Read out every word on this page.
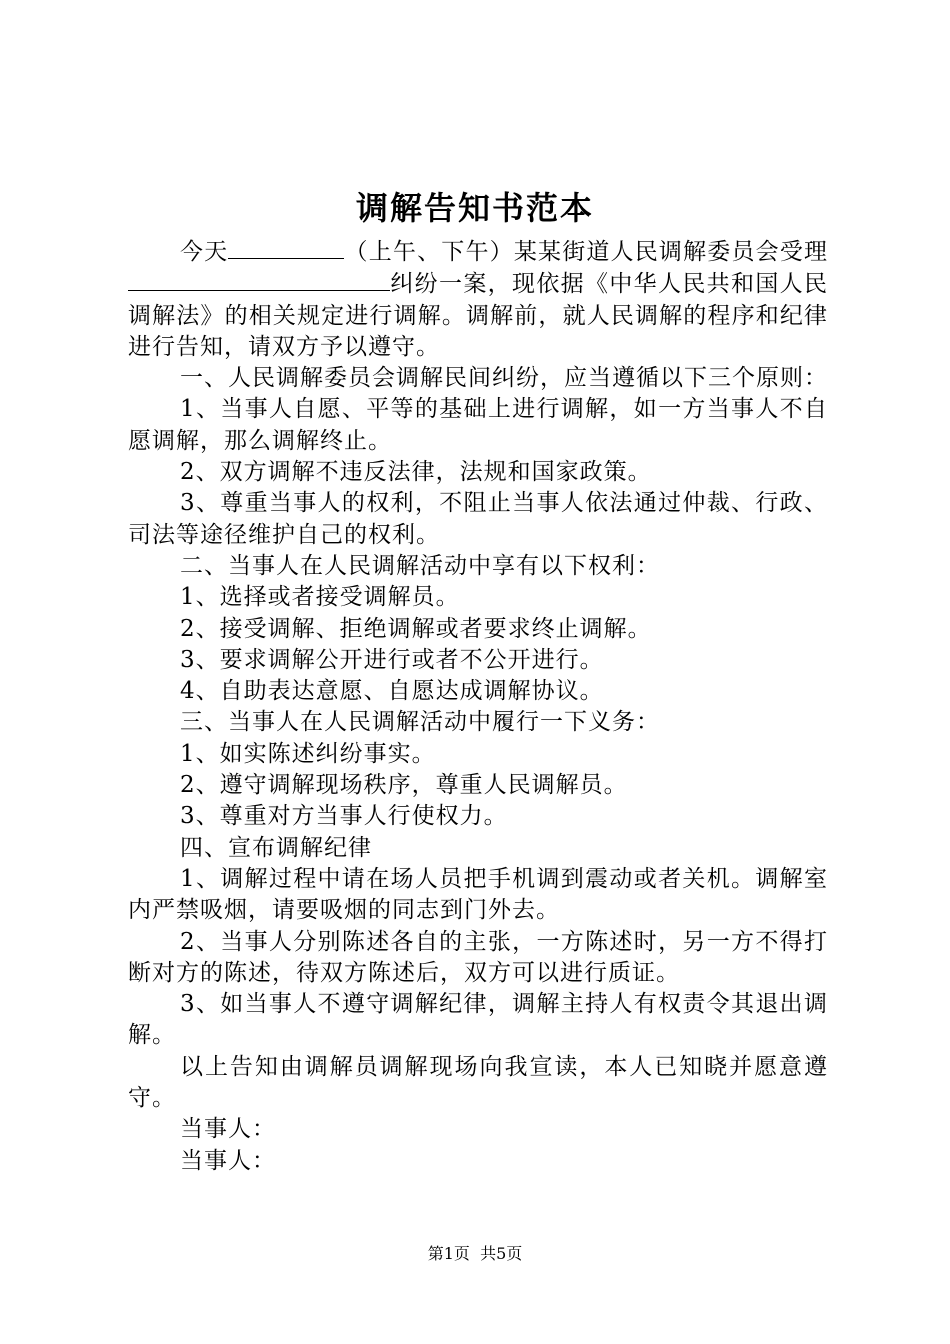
调解告知书范本

今天	（上午、下午）某某街道人民调解委员会受理纠纷一案，现依据《中华人民共和国人民调解法》的相关规定进行调解。调解前，就人民调解的程序和纪律进行告知，请双方予以遵守。

一、人民调解委员会调解民间纠纷，应当遵循以下三个原则：

1、当事人自愿、平等的基础上进行调解，如一方当事人不自愿调解，那么调解终止。

2、双方调解不违反法律，法规和国家政策。

3、尊重当事人的权利，不阻止当事人依法通过仲裁、行政、司法等途径维护自己的权利。

二、当事人在人民调解活动中享有以下权利：

1、选择或者接受调解员。

2、接受调解、拒绝调解或者要求终止调解。

3、要求调解公开进行或者不公开进行。

4、自助表达意愿、自愿达成调解协议。

三、当事人在人民调解活动中履行一下义务：

1、如实陈述纠纷事实。

2、遵守调解现场秩序，尊重人民调解员。

3、尊重对方当事人行使权力。

四、宣布调解纪律

1、调解过程中请在场人员把手机调到震动或者关机。调解室内严禁吸烟，请要吸烟的同志到门外去。

2、当事人分别陈述各自的主张，一方陈述时，另一方不得打断对方的陈述，待双方陈述后，双方可以进行质证。

3、如当事人不遵守调解纪律，调解主持人有权责令其退出调解。

以上告知由调解员调解现场向我宣读，本人已知晓并愿意遵守。

当事人：

当事人：

第1页 共5页
